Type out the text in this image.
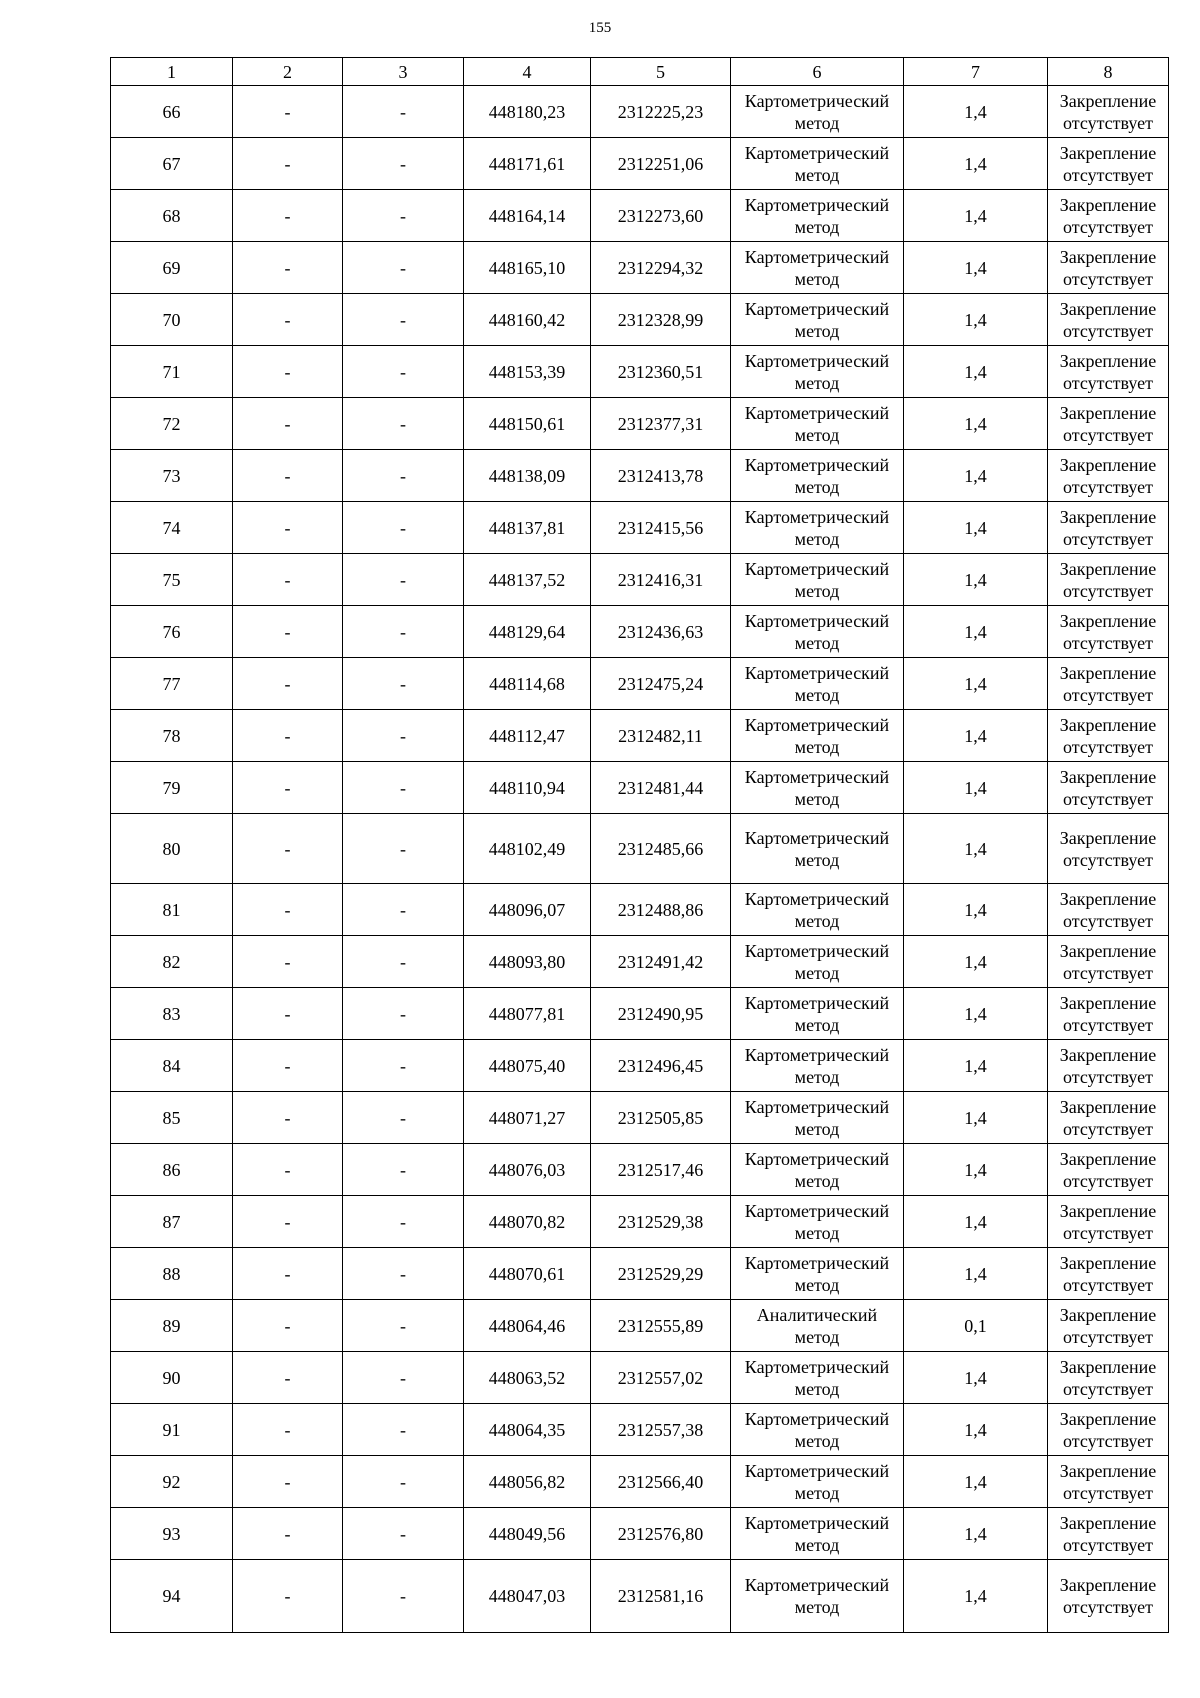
155
1	2	3	4	5	6	7	8
66	-	-	448180,23	2312225,23	Картометрический метод	1,4	Закрепление отсутствует
67	-	-	448171,61	2312251,06	Картометрический метод	1,4	Закрепление отсутствует
68	-	-	448164,14	2312273,60	Картометрический метод	1,4	Закрепление отсутствует
69	-	-	448165,10	2312294,32	Картометрический метод	1,4	Закрепление отсутствует
70	-	-	448160,42	2312328,99	Картометрический метод	1,4	Закрепление отсутствует
71	-	-	448153,39	2312360,51	Картометрический метод	1,4	Закрепление отсутствует
72	-	-	448150,61	2312377,31	Картометрический метод	1,4	Закрепление отсутствует
73	-	-	448138,09	2312413,78	Картометрический метод	1,4	Закрепление отсутствует
74	-	-	448137,81	2312415,56	Картометрический метод	1,4	Закрепление отсутствует
75	-	-	448137,52	2312416,31	Картометрический метод	1,4	Закрепление отсутствует
76	-	-	448129,64	2312436,63	Картометрический метод	1,4	Закрепление отсутствует
77	-	-	448114,68	2312475,24	Картометрический метод	1,4	Закрепление отсутствует
78	-	-	448112,47	2312482,11	Картометрический метод	1,4	Закрепление отсутствует
79	-	-	448110,94	2312481,44	Картометрический метод	1,4	Закрепление отсутствует
80	-	-	448102,49	2312485,66	Картометрический метод	1,4	Закрепление отсутствует
81	-	-	448096,07	2312488,86	Картометрический метод	1,4	Закрепление отсутствует
82	-	-	448093,80	2312491,42	Картометрический метод	1,4	Закрепление отсутствует
83	-	-	448077,81	2312490,95	Картометрический метод	1,4	Закрепление отсутствует
84	-	-	448075,40	2312496,45	Картометрический метод	1,4	Закрепление отсутствует
85	-	-	448071,27	2312505,85	Картометрический метод	1,4	Закрепление отсутствует
86	-	-	448076,03	2312517,46	Картометрический метод	1,4	Закрепление отсутствует
87	-	-	448070,82	2312529,38	Картометрический метод	1,4	Закрепление отсутствует
88	-	-	448070,61	2312529,29	Картометрический метод	1,4	Закрепление отсутствует
89	-	-	448064,46	2312555,89	Аналитический метод	0,1	Закрепление отсутствует
90	-	-	448063,52	2312557,02	Картометрический метод	1,4	Закрепление отсутствует
91	-	-	448064,35	2312557,38	Картометрический метод	1,4	Закрепление отсутствует
92	-	-	448056,82	2312566,40	Картометрический метод	1,4	Закрепление отсутствует
93	-	-	448049,56	2312576,80	Картометрический метод	1,4	Закрепление отсутствует
94	-	-	448047,03	2312581,16	Картометрический метод	1,4	Закрепление отсутствует
